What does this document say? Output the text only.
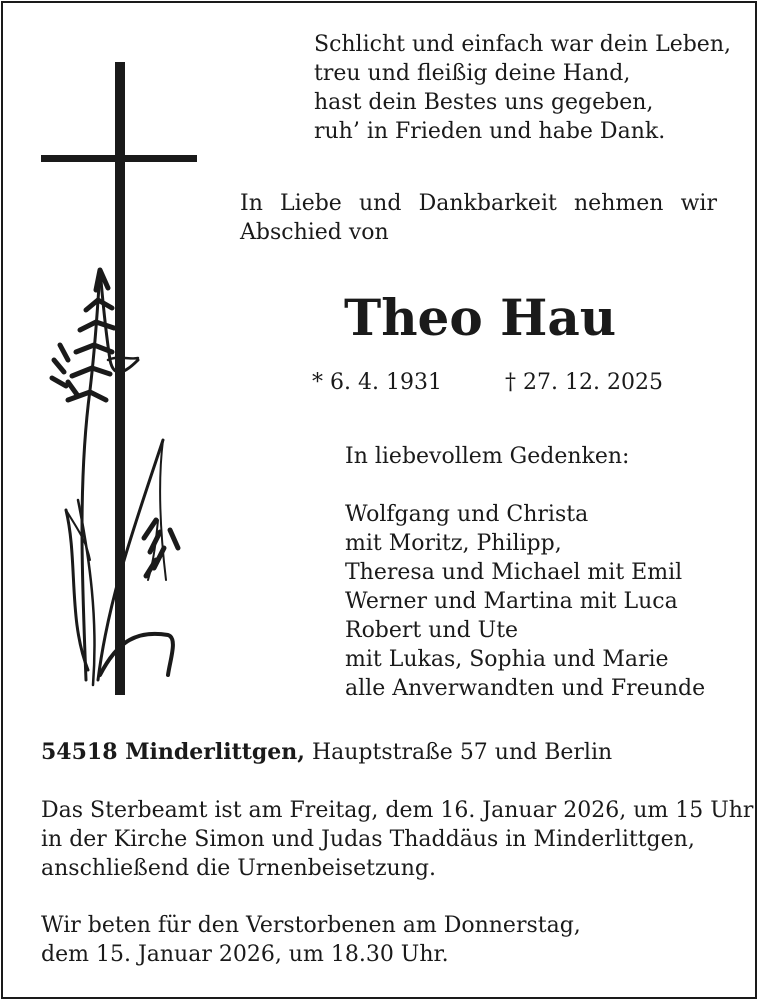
Schlicht und einfach war dein Leben,
treu und fleißig deine Hand,
hast dein Bestes uns gegeben,
ruh’ in Frieden und habe Dank.

In Liebe und Dankbarkeit nehmen wir Abschied von

Theo Hau

* 6. 4. 1931	† 27. 12. 2025

In liebevollem Gedenken:

Wolfgang und Christa
mit Moritz, Philipp,
Theresa und Michael mit Emil
Werner und Martina mit Luca
Robert und Ute
mit Lukas, Sophia und Marie
alle Anverwandten und Freunde

54518 Minderlittgen, Hauptstraße 57 und Berlin

Das Sterbeamt ist am Freitag, dem 16. Januar 2026, um 15 Uhr
in der Kirche Simon und Judas Thaddäus in Minderlittgen,
anschließend die Urnenbeisetzung.
Wir beten für den Verstorbenen am Donnerstag,
dem 15. Januar 2026, um 18.30 Uhr.
